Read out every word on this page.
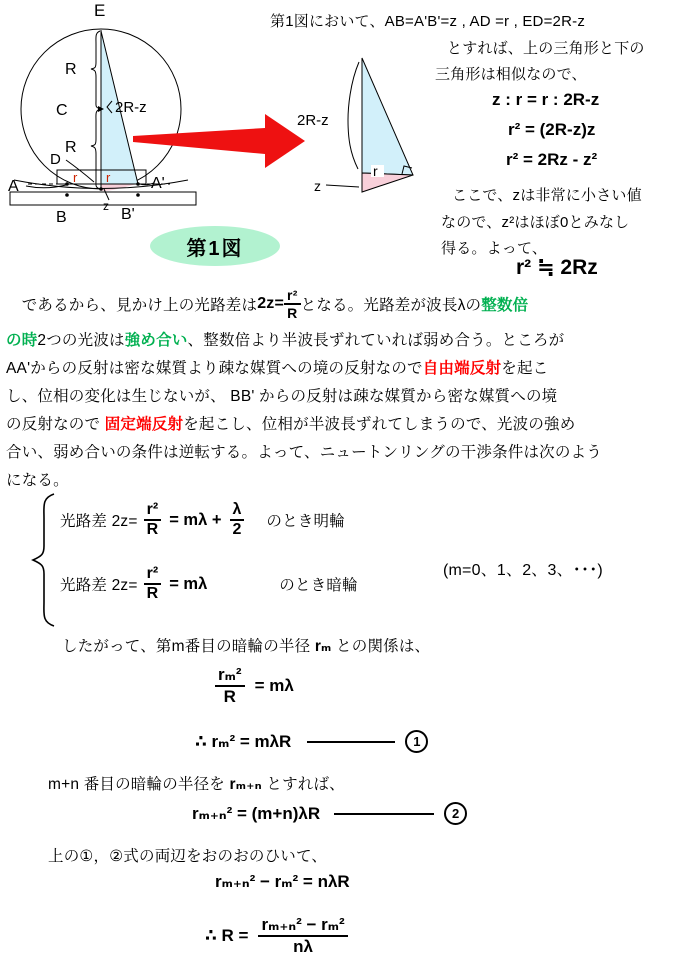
E
R
C	2R-z
R
D
A
r r	A'
B	B'
z
2R-z
r
z
第1図
第1図において、AB=A'B'=z , AD =r , ED=2R-z
とすれば、上の三角形と下の
三角形は相似なので、
z : r = r : 2R-z
r² = (2R-z)z
r² = 2Rz - z²
ここで、zは非常に小さい値
なので、z²はほぼ0とみなし
得る。よって、
r² ≒ 2Rz
　であるから、見かけ上の光路差は $2z= \frac{\text{r²}}{R}$ となる。光路差が波長λの 整数倍
の時2つの光波は強め合い、整数倍より半波長ずれていれば弱め合う。ところが
AA'からの反射は密な媒質より疎な媒質への境の反射なので自由端反射を起こ
し、位相の変化は生じないが、 BB' からの反射は疎な媒質から密な媒質への境
の反射なので 固定端反射を起こし、位相が半波長ずれてしまうので、光波の強め
合い、弱め合いの条件は逆転する。よって、ニュートンリングの干渉条件は次のよう
になる。
光路差 $2z= \frac{\text{r²}}{R} = m\lambda + \frac{\lambda}{2}$ のとき明輪
(m=0、1、2、3、･･･)
光路差 $2z= \frac{\text{r²}}{R} = m\lambda$	のとき暗輪
したがって、第m番目の暗輪の半径 rₘ との関係は、
$\frac{\text{rₘ²}}{R} = m\lambda$
∴ rₘ² = mλR	1
m+n 番目の暗輪の半径を rₘ₊ₙ とすれば、
rₘ₊ₙ² = (m+n)λR	2
上の①，②式の両辺をおのおのひいて、
rₘ₊ₙ² − rₘ² = nλR
∴ $R = \frac{\text{rₘ₊ₙ² − rₘ²}}{n\lambda}$
